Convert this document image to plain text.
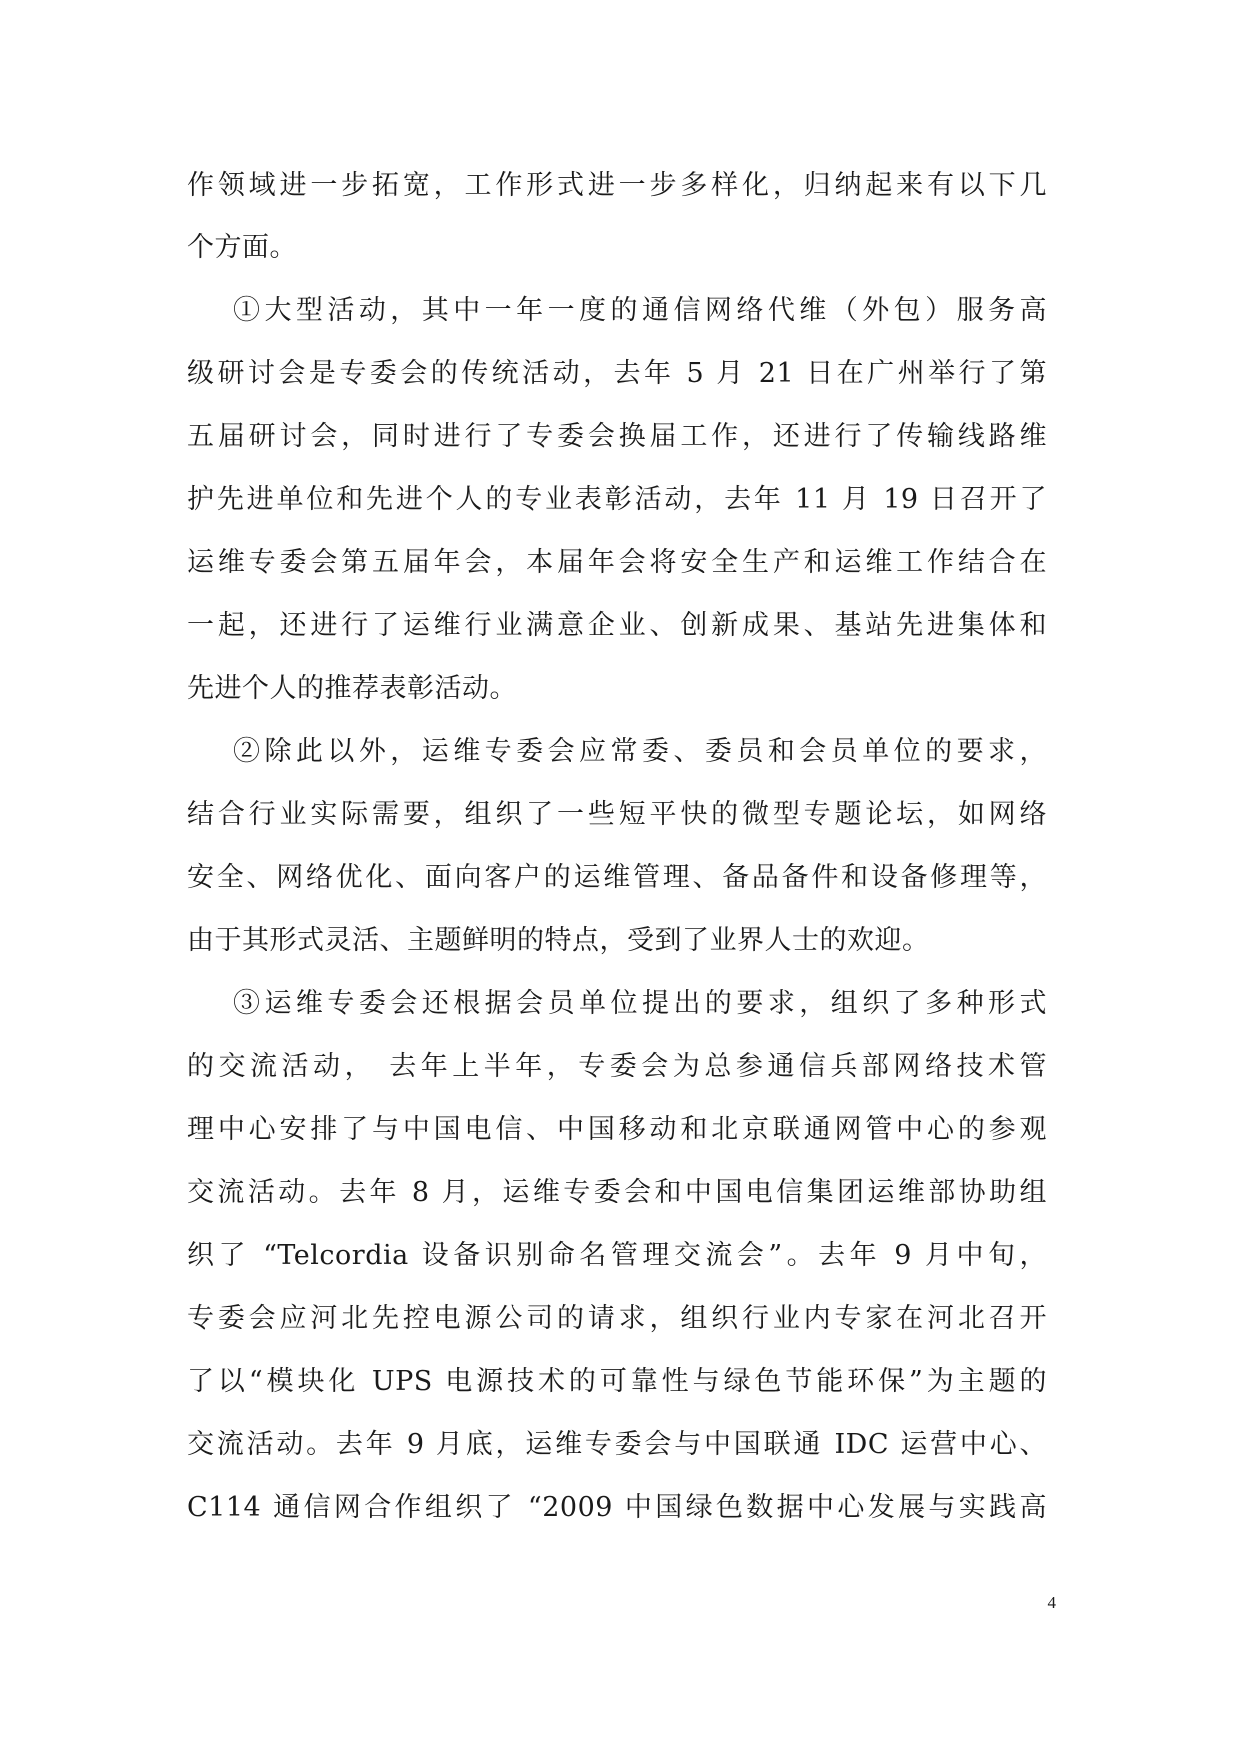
作领域进一步拓宽，工作形式进一步多样化，归纳起来有以下几
个方面。
①大型活动，其中一年一度的通信网络代维（外包）服务高
级研讨会是专委会的传统活动，去年 5 月 21 日在广州举行了第
五届研讨会，同时进行了专委会换届工作，还进行了传输线路维
护先进单位和先进个人的专业表彰活动，去年 11 月 19 日召开了
运维专委会第五届年会，本届年会将安全生产和运维工作结合在
一起，还进行了运维行业满意企业、创新成果、基站先进集体和
先进个人的推荐表彰活动。
②除此以外，运维专委会应常委、委员和会员单位的要求，
结合行业实际需要，组织了一些短平快的微型专题论坛，如网络
安全、网络优化、面向客户的运维管理、备品备件和设备修理等，
由于其形式灵活、主题鲜明的特点，受到了业界人士的欢迎。
③运维专委会还根据会员单位提出的要求，组织了多种形式
的交流活动， 去年上半年，专委会为总参通信兵部网络技术管
理中心安排了与中国电信、中国移动和北京联通网管中心的参观
交流活动。去年 8 月，运维专委会和中国电信集团运维部协助组
织了 “Telcordia 设备识别命名管理交流会”。去年 9 月中旬，
专委会应河北先控电源公司的请求，组织行业内专家在河北召开
了以“模块化 UPS 电源技术的可靠性与绿色节能环保”为主题的
交流活动。去年 9 月底，运维专委会与中国联通 IDC 运营中心、
C114 通信网合作组织了 “2009 中国绿色数据中心发展与实践高
4
